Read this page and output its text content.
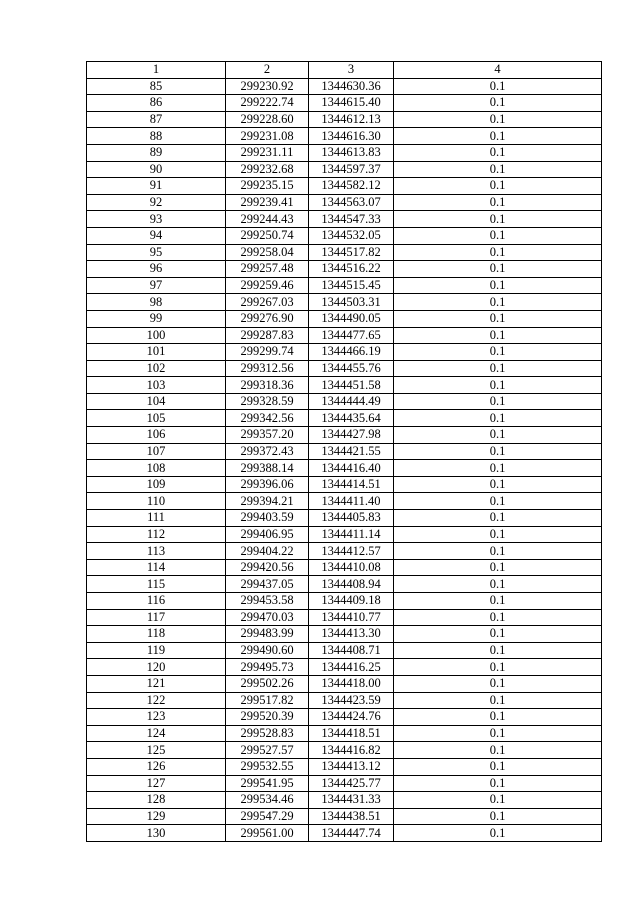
1	2	3	4
85	299230.92	1344630.36	0.1
86	299222.74	1344615.40	0.1
87	299228.60	1344612.13	0.1
88	299231.08	1344616.30	0.1
89	299231.11	1344613.83	0.1
90	299232.68	1344597.37	0.1
91	299235.15	1344582.12	0.1
92	299239.41	1344563.07	0.1
93	299244.43	1344547.33	0.1
94	299250.74	1344532.05	0.1
95	299258.04	1344517.82	0.1
96	299257.48	1344516.22	0.1
97	299259.46	1344515.45	0.1
98	299267.03	1344503.31	0.1
99	299276.90	1344490.05	0.1
100	299287.83	1344477.65	0.1
101	299299.74	1344466.19	0.1
102	299312.56	1344455.76	0.1
103	299318.36	1344451.58	0.1
104	299328.59	1344444.49	0.1
105	299342.56	1344435.64	0.1
106	299357.20	1344427.98	0.1
107	299372.43	1344421.55	0.1
108	299388.14	1344416.40	0.1
109	299396.06	1344414.51	0.1
110	299394.21	1344411.40	0.1
111	299403.59	1344405.83	0.1
112	299406.95	1344411.14	0.1
113	299404.22	1344412.57	0.1
114	299420.56	1344410.08	0.1
115	299437.05	1344408.94	0.1
116	299453.58	1344409.18	0.1
117	299470.03	1344410.77	0.1
118	299483.99	1344413.30	0.1
119	299490.60	1344408.71	0.1
120	299495.73	1344416.25	0.1
121	299502.26	1344418.00	0.1
122	299517.82	1344423.59	0.1
123	299520.39	1344424.76	0.1
124	299528.83	1344418.51	0.1
125	299527.57	1344416.82	0.1
126	299532.55	1344413.12	0.1
127	299541.95	1344425.77	0.1
128	299534.46	1344431.33	0.1
129	299547.29	1344438.51	0.1
130	299561.00	1344447.74	0.1
